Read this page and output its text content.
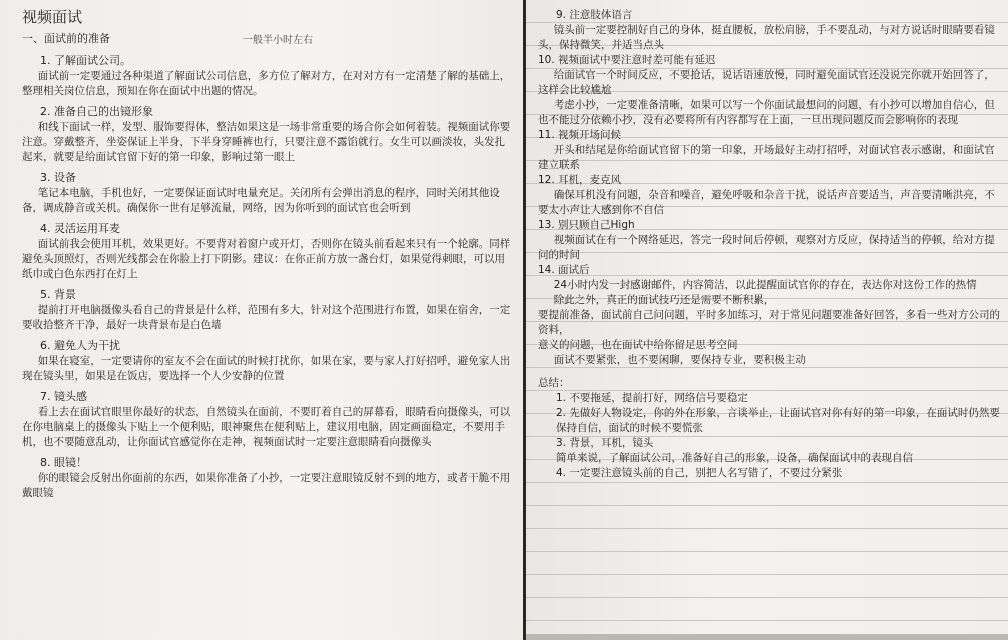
视频面试
一、面试前的准备	一般半小时左右
1. 了解面试公司。
面试前一定要通过各种渠道了解面试公司信息，多方位了解对方，在对对方有一定清楚了解的基础上，整理相关岗位信息，预知在你在面试中出题的情况。
2. 准备自己的出镜形象
和线下面试一样，发型、服饰要得体，整洁如果这是一场非常重要的场合你会如何着装。视频面试你要注意。穿戴整齐，坐姿保证上半身，下半身穿睡裤也行，只要注意不露馅就行。女生可以画淡妆，头发扎起来，就要是给面试官留下好的第一印象，影响过第一眼上
3. 设备
笔记本电脑，手机也好，一定要保证面试时电量充足。关闭所有会弹出消息的程序，同时关闭其他设备，调成静音或关机。确保你一世有足够流量，网络，因为你听到的面试官也会听到
4. 灵活运用耳麦
面试前我会使用耳机，效果更好。不要背对着窗户或开灯，否则你在镜头前看起来只有一个轮廓。同样避免头顶照灯，否则光线都会在你脸上打下阴影。建议：在你正前方放一盏台灯，如果觉得刺眼，可以用纸巾或白色东西打在灯上
5. 背景
提前打开电脑摄像头看自己的背景是什么样，范围有多大，针对这个范围进行布置，如果在宿舍，一定要收拾整齐干净，最好一块背景布是白色墙
6. 避免人为干扰
如果在寝室，一定要请你的室友不会在面试的时候打扰你，如果在家，要与家人打好招呼，避免家人出现在镜头里，如果是在饭店，要选择一个人少安静的位置
7. 镜头感
看上去在面试官眼里你最好的状态，自然镜头在面前，不要盯着自己的屏幕看，眼睛看向摄像头，可以在你电脑桌上的摄像头下贴上一个便利贴，眼神聚焦在便利贴上，建议用电脑，固定画面稳定，不要用手机，也不要随意乱动，让你面试官感觉你在走神，视频面试时一定要注意眼睛看向摄像头
8. 眼镜！
你的眼镜会反射出你面前的东西，如果你准备了小抄，一定要注意眼镜反射不到的地方，或者干脆不用戴眼镜
9. 注意肢体语言
镜头前一定要控制好自己的身体，挺直腰板，放松肩膀，手不要乱动，与对方说话时眼睛要看镜头，保持微笑，并适当点头
10. 视频面试中要注意时差可能有延迟
给面试官一个时间反应，不要抢话，说话语速放慢，同时避免面试官还没说完你就开始回答了，这样会比较尴尬
考虑小抄，一定要准备清晰，如果可以写一个你面试最想问的问题，有小抄可以增加自信心，但也不能过分依赖小抄，没有必要将所有内容都写在上面，一旦出现问题反而会影响你的表现
11. 视频开场问候
开头和结尾是你给面试官留下的第一印象，开场最好主动打招呼，对面试官表示感谢，和面试官建立联系
12. 耳机，麦克风
确保耳机没有问题，杂音和噪音，避免呼吸和杂音干扰，说话声音要适当，声音要清晰洪亮，不要太小声让人感到你不自信
13. 别只顾自己High
视频面试在有一个网络延迟，答完一段时间后停顿，观察对方反应，保持适当的停顿，给对方提问的时间
14. 面试后
24小时内发一封感谢邮件，内容简洁，以此提醒面试官你的存在，表达你对这份工作的热情
除此之外，真正的面试技巧还是需要不断积累，
要提前准备，面试前自己问问题，平时多加练习，对于常见问题要准备好回答，多看一些对方公司的资料，
意义的问题，也在面试中给你留足思考空间
面试不要紧张，也不要闲聊，要保持专业，要积极主动
总结：
1. 不要拖延，提前打好，网络信号要稳定
2. 先做好人物设定，你的外在形象，言谈举止，让面试官对你有好的第一印象，在面试时仍然要保持自信，面试的时候不要慌张
3. 背景，耳机，镜头
简单来说，了解面试公司，准备好自己的形象，设备，确保面试中的表现自信
4. 一定要注意镜头前的自己，别把人名写错了，不要过分紧张
